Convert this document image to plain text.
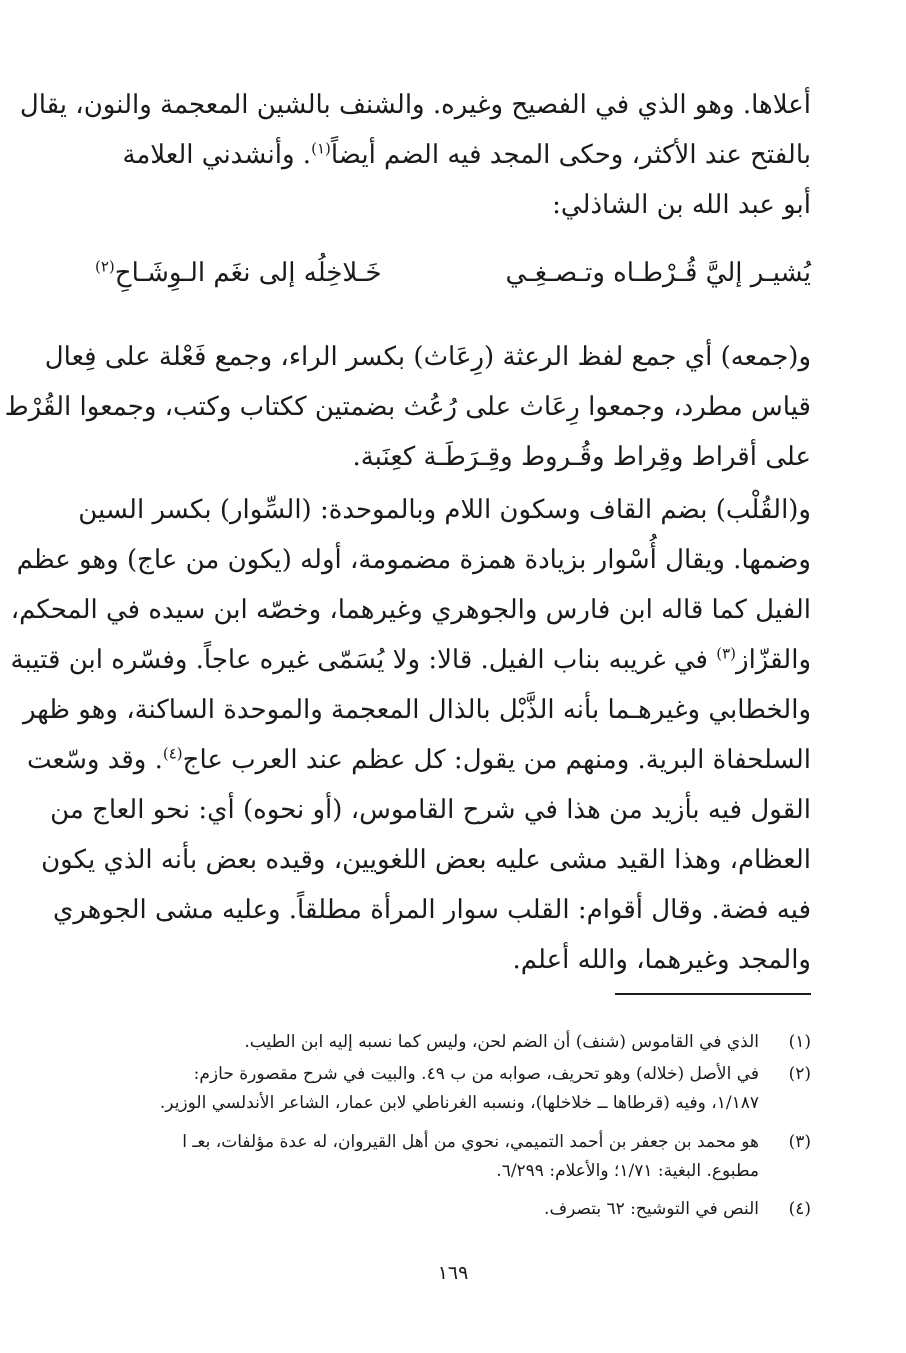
أعلاها. وهو الذي في الفصيح وغيره. والشنف بالشين المعجمة والنون، يقال
بالفتح عند الأكثر، وحكى المجد فيه الضم أيضاً$^{(١)}$. وأنشدني العلامة
أبو عبد الله بن الشاذلي:
يُشيـر إليَّ قُـرْطـاه وتـصـغِـي
خَـلاخِلُه إلى نغَم الـوِشَـاحِ$^{(٢)}$
و(جمعه) أي جمع لفظ الرعثة (رِعَاث) بكسر الراء، وجمع فَعْلة على فِعال
قياس مطرد، وجمعوا رِعَاث على رُعُث بضمتين ككتاب وكتب، وجمعوا القُرْط
على أقراط وقِراط وقُـروط وقِـرَطَـة كعِنَبة.
و(القُلْب) بضم القاف وسكون اللام وبالموحدة: (السِّوار) بكسر السين
وضمها. ويقال أُسْوار بزيادة همزة مضمومة، أوله (يكون من عاج) وهو عظم
الفيل كما قاله ابن فارس والجوهري وغيرهما، وخصّه ابن سيده في المحكم،
والقزّاز$^{(٣)}$ في غريبه بناب الفيل. قالا: ولا يُسَمّى غيره عاجاً. وفسّره ابن قتيبة
والخطابي وغيرهـما بأنه الذَّبْل بالذال المعجمة والموحدة الساكنة، وهو ظهر
السلحفاة البرية. ومنهم من يقول: كل عظم عند العرب عاج$^{(٤)}$. وقد وسّعت
القول فيه بأزيد من هذا في شرح القاموس، (أو نحوه) أي: نحو العاج من
العظام، وهذا القيد مشى عليه بعض اللغويين، وقيده بعض بأنه الذي يكون
فيه فضة. وقال أقوام: القلب سوار المرأة مطلقاً. وعليه مشى الجوهري
والمجد وغيرهما، والله أعلم.
(١)
الذي في القاموس (شنف) أن الضم لحن، وليس كما نسبه إليه ابن الطيب.
(٢)
في الأصل (خلاله) وهو تحريف، صوابه من ب ٤٩. والبيت في شرح مقصورة حازم:
١/١٨٧، وفيه (قرطاها ــ خلاخلها)، ونسبه الغرناطي لابن عمار، الشاعر الأندلسي الوزير.
(٣)
هو محمد بن جعفر بن أحمد التميمي، نحوي من أهل القيروان، له عدة مؤلفات، بعـ ا
مطبوع. البغية: ١/٧١؛ والأعلام: ٦/٢٩٩.
(٤)
النص في التوشيح: ٦٢ بتصرف.
١٦٩
